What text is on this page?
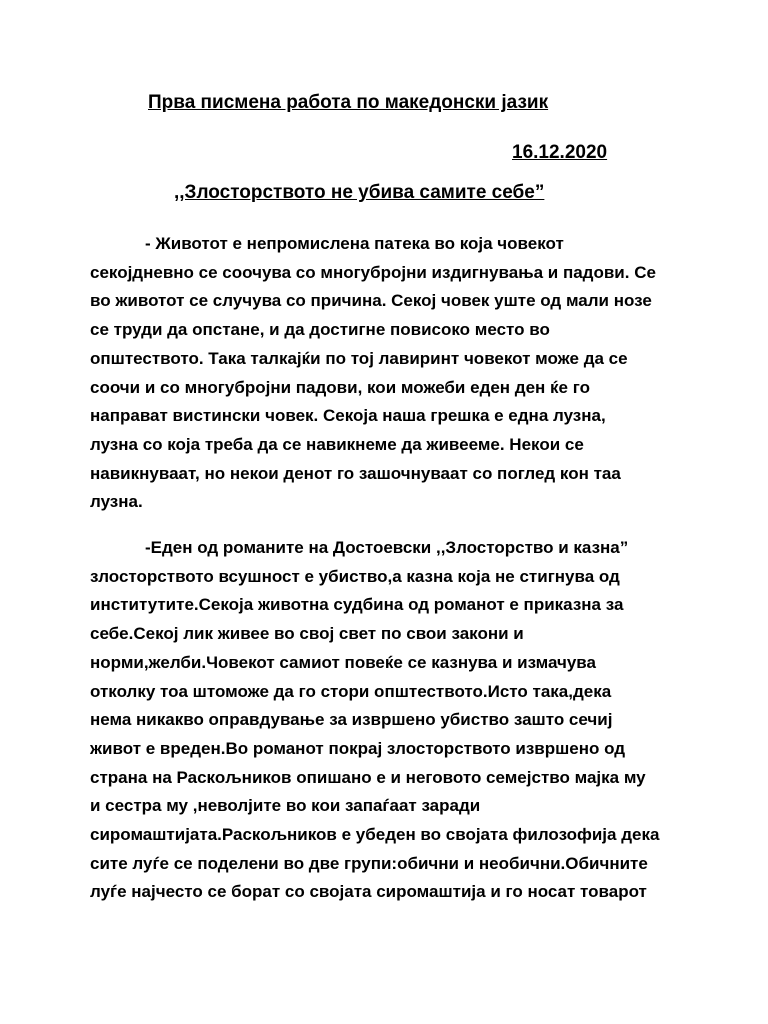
Прва писмена работа по македонски јазик
16.12.2020
,,Злосторството не убива самите себе”
- Животот е непромислена патека во која човекот
секојдневно се соочува со многубројни издигнувања и падови. Се
во животот се случува со причина. Секој човек уште од мали нозе
се труди да опстане, и да достигне повисоко место во
општеството. Така талкајќи по тој лавиринт човекот може да се
соочи и со многубројни падови, кои можеби еден ден ќе го
направат вистински човек. Секоја наша грешка е една лузна,
лузна со која треба да се навикнеме да живееме. Некои се
навикнуваат, но некои денот го зашочнуваат со поглед кон таа
лузна.
-Еден од романите на Достоевски ,,Злосторство и казна”
злосторството всушност е убиство,а казна која не стигнува од
институтите.Секоја животна судбина од романот е приказна за
себе.Секој лик живее во свој свет по свои закони и
норми,желби.Човекот самиот повеќе се казнува и измачува
отколку тоа штоможе да го стори општеството.Исто така,дека
нема никакво оправдување за извршено убиство зашто сечиј
живот е вреден.Во романот покрај злосторството извршено од
страна на Раскољников опишано е и неговото семејство мајка му
и сестра му ,неволјите во кои запаѓаат заради
сиромаштијата.Раскољников е убеден во својата филозофија дека
сите луѓе се поделени во две групи:обични и необични.Обичните
луѓе најчесто се борат со својата сиромаштија и го носат товарот
